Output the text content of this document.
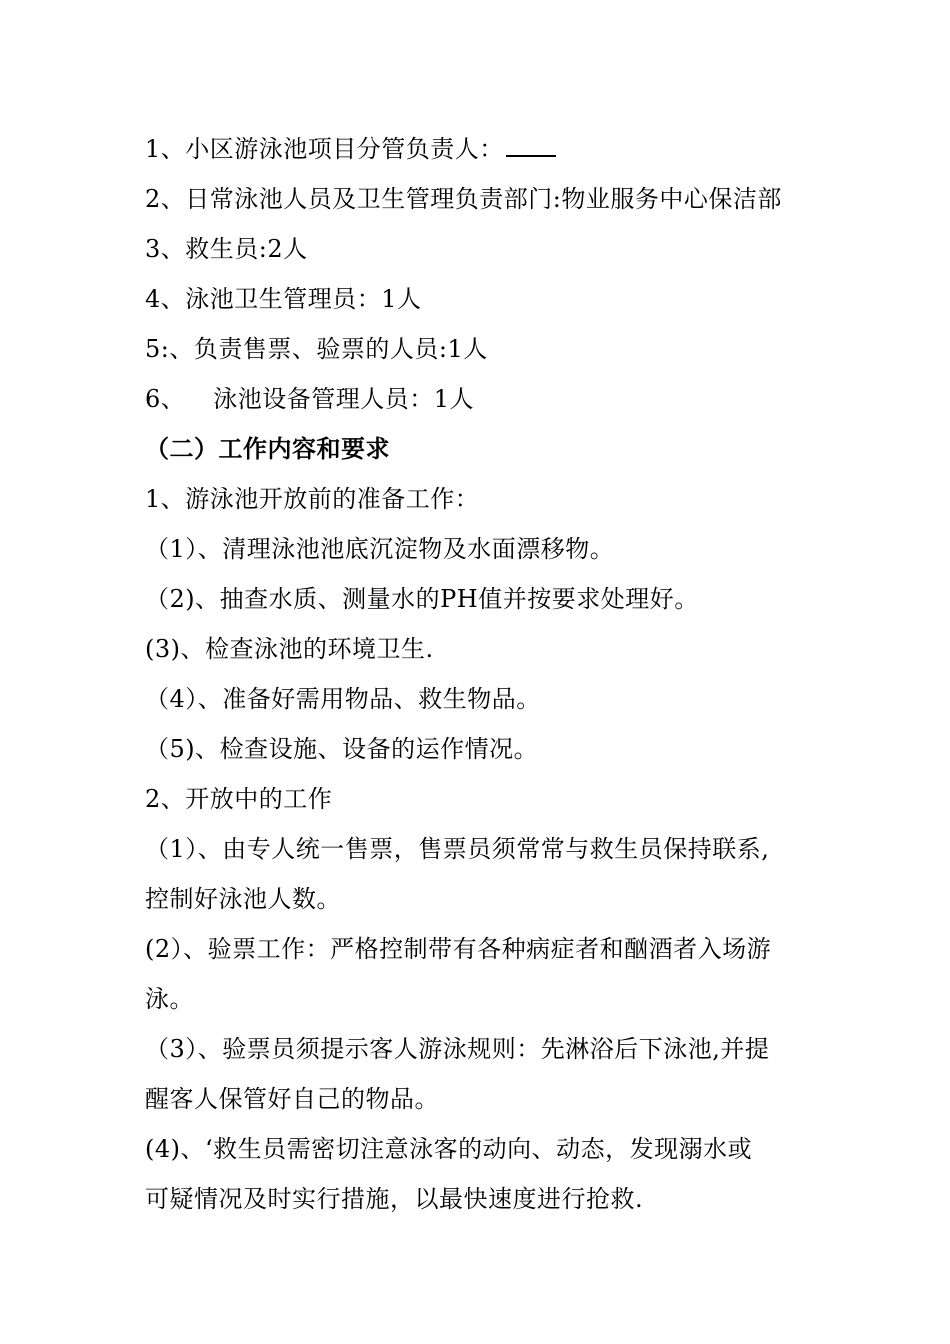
1、小区游泳池项目分管负责人：
2、日常泳池人员及卫生管理负责部门:物业服务中心保洁部
3、救生员:2人
4、泳池卫生管理员：1人
5:、负责售票、验票的人员:1人
6、 泳池设备管理人员：1人
（二）工作内容和要求
1、游泳池开放前的准备工作：
（1）、清理泳池池底沉淀物及水面漂移物。
（2)、抽查水质、测量水的PH值并按要求处理好。
(3)、检查泳池的环境卫生.
（4）、准备好需用物品、救生物品。
（5)、检查设施、设备的运作情况。
2、开放中的工作
（1）、由专人统一售票，售票员须常常与救生员保持联系,
控制好泳池人数。
(2）、验票工作：严格控制带有各种病症者和酗酒者入场游
泳。
（3）、验票员须提示客人游泳规则：先淋浴后下泳池,并提
醒客人保管好自己的物品。
(4)、‘救生员需密切注意泳客的动向、动态，发现溺水或
可疑情况及时实行措施，以最快速度进行抢救.
